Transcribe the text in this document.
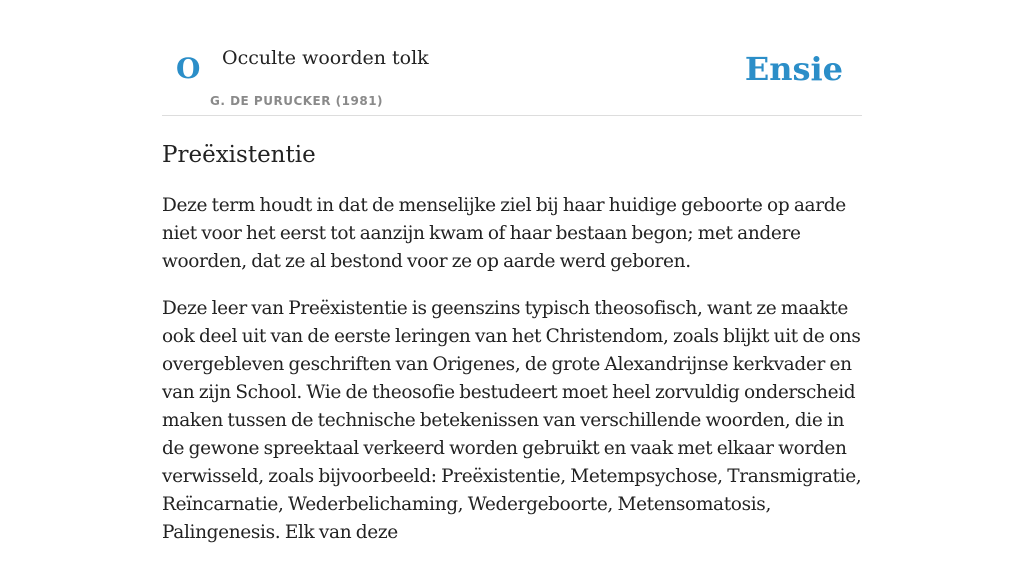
O Occulte woorden tolk
G. DE PURUCKER (1981)
Ensie
Preëxistentie

Deze term houdt in dat de menselijke ziel bij haar huidige geboorte op aarde niet voor het eerst tot aanzijn kwam of haar bestaan begon; met andere woorden, dat ze al bestond voor ze op aarde werd geboren.

Deze leer van Preëxistentie is geenszins typisch theosofisch, want ze maakte ook deel uit van de eerste leringen van het Christendom, zoals blijkt uit de ons overgebleven geschriften van Origenes, de grote Alexandrijnse kerkvader en van zijn School. Wie de theosofie bestudeert moet heel zorvuldig onderscheid maken tussen de technische betekenissen van verschillende woorden, die in de gewone spreektaal verkeerd worden gebruikt en vaak met elkaar worden verwisseld, zoals bijvoorbeeld: Preëxistentie, Metempsychose, Transmigratie, Reïncarnatie, Wederbelichaming, Wedergeboorte, Metensomatosis, Palingenesis. Elk van deze
